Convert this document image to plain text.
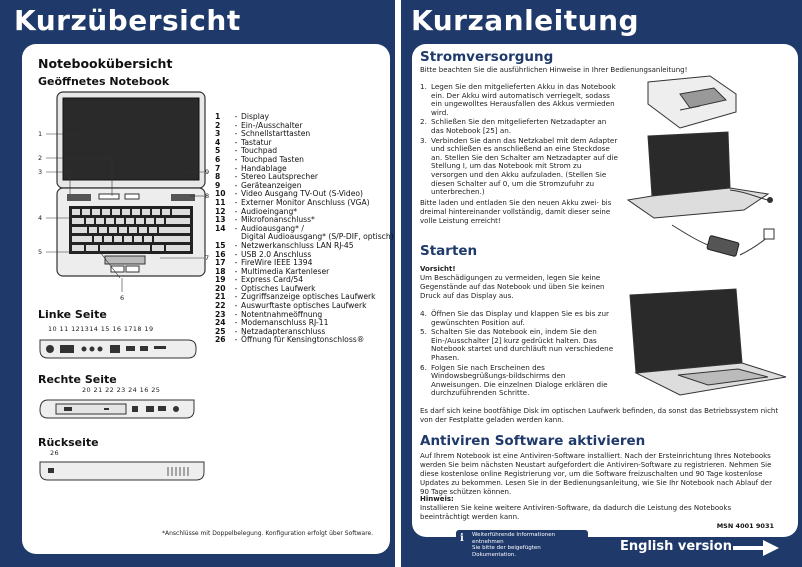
Kurzübersicht	Kurzanleitung
Notebookübersicht
Geöffnetes Notebook
1
2
3
4
5
9
8
7
6
1	- Display
2	- Ein-/Ausschalter
3	- Schnellstarttasten
4	- Tastatur
5	- Touchpad
6	- Touchpad Tasten
7	- Handablage
8	- Stereo Lautsprecher
9	- Geräteanzeigen
10	- Video Ausgang TV-Out (S-Video)
11	- Externer Monitor Anschluss (VGA)
12	- Audioeingang*
13	- Mikrofonanschluss*
14	- Audioausgang* /
Digital Audioausgang* (S/P-DIF, optisch)
15	- Netzwerkanschluss LAN RJ-45
16	- USB 2.0 Anschluss
17	- FireWire IEEE 1394
18	- Multimedia Kartenleser
19	- Express Card/54
20	- Optisches Laufwerk
21	- Zugriffsanzeige optisches Laufwerk
22	- Auswurftaste optisches Laufwerk
23	- Notentnahmeöffnung
24	- Modemanschluss RJ-11
25	- Netzadapteranschluss
26	- Öffnung für Kensingtonschloss®
Linke Seite
10 11 121314 15 16 1718 19
Rechte Seite
20 21 22 23 24 16 25
Rückseite
26
*Anschlüsse mit Doppelbelegung. Konfiguration erfolgt über Software.
Stromversorgung
Bitte beachten Sie die ausführlichen Hinweise in Ihrer Bedienungsanleitung!
1. Legen Sie den mitgelieferten Akku in das Notebook ein. Der Akku wird automatisch verriegelt, sodass ein ungewolltes Herausfallen des Akkus vermieden wird.
2. Schließen Sie den mitgelieferten Netzadapter an das Notebook [25] an.
3. Verbinden Sie dann das Netzkabel mit dem Adapter und schließen es anschließend an eine Steckdose an. Stellen Sie den Schalter am Netzadapter auf die Stellung I, um das Notebook mit Strom zu versorgen und den Akku aufzuladen. (Stellen Sie diesen Schalter auf 0, um die Stromzufuhr zu unterbrechen.)
Bitte laden und entladen Sie den neuen Akku zwei- bis dreimal hintereinander vollständig, damit dieser seine volle Leistung erreicht!
Starten
Vorsicht!
Um Beschädigungen zu vermeiden, legen Sie keine Gegenstände auf das Notebook und üben Sie keinen Druck auf das Display aus.
4. Öffnen Sie das Display und klappen Sie es bis zur gewünschten Position auf.
5. Schalten Sie das Notebook ein, indem Sie den Ein-/Ausschalter [2] kurz gedrückt halten. Das Notebook startet und durchläuft nun verschiedene Phasen.
6. Folgen Sie nach Erscheinen des Windowsbegrüßungs-bildschirms den Anweisungen. Die einzelnen Dialoge erklären die durchzuführenden Schritte.
Es darf sich keine bootfähige Disk im optischen Laufwerk befinden, da sonst das Betriebssystem nicht von der Festplatte geladen werden kann.
Antiviren Software aktivieren
Auf Ihrem Notebook ist eine Antiviren-Software installiert. Nach der Ersteinrichtung Ihres Notebooks werden Sie beim nächsten Neustart aufgefordert die Antiviren-Software zu registrieren. Nehmen Sie diese kostenlose online Registrierung vor, um die Software freizuschalten und 90 Tage kostenlose Updates zu bekommen. Lesen Sie in der Bedienungsanleitung, wie Sie Ihr Notebook nach Ablauf der 90 Tage schützen können.
Hinweis:
Installieren Sie keine weitere Antiviren-Software, da dadurch die Leistung des Notebooks beeinträchtigt werden kann.
MSN 4001 9031
i	Weiterführende Informationen entnehmen
Sie bitte der beigefügten Dokumentation.
English version
